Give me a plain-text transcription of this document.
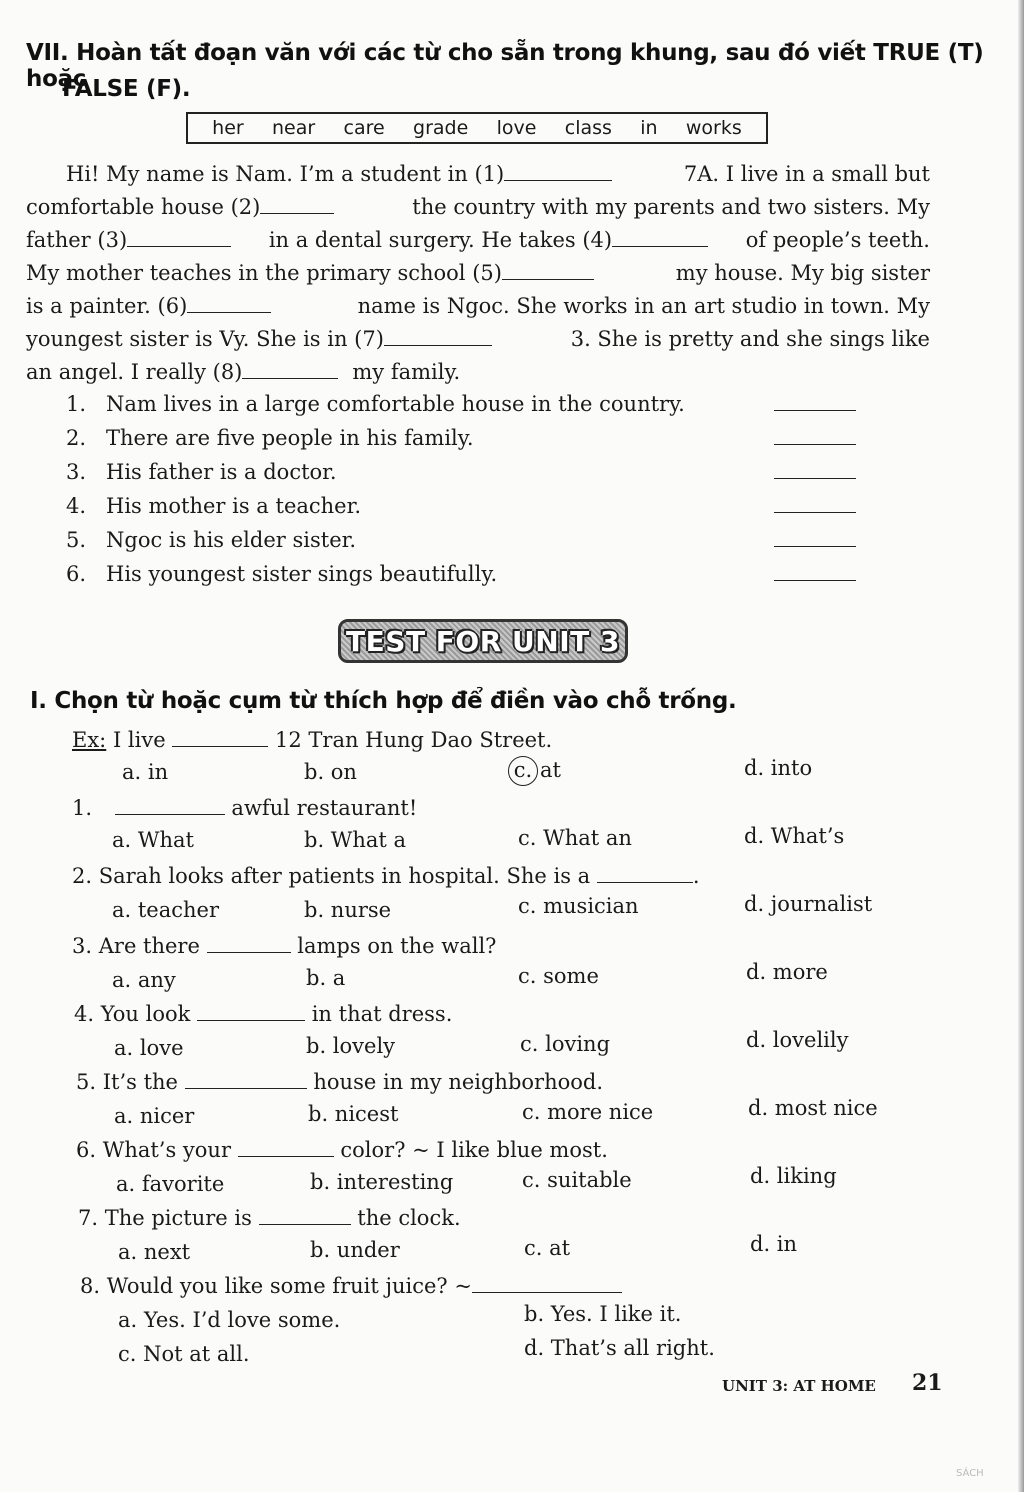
VII. Hoàn tất đoạn văn với các từ cho sẵn trong khung, sau đó viết TRUE (T) hoặc
FALSE (F).
her near care grade love class in works
Hi! My name is Nam. I’m a student in (1)	7A. I live in a small but
comfortable house (2)	the country with my parents and two sisters. My
father (3)	in a dental surgery. He takes (4)	of people’s teeth.
My mother teaches in the primary school (5)	my house. My big sister
is a painter. (6)	name is Ngoc. She works in an art studio in town. My
youngest sister is Vy. She is in (7)	3. She is pretty and she sings like
an angel. I really (8)	my family.
1. Nam lives in a large comfortable house in the country.
2. There are five people in his family.
3. His father is a doctor.
4. His mother is a teacher.
5. Ngoc is his elder sister.
6. His youngest sister sings beautifully.
TEST FOR UNIT 3
I. Chọn từ hoặc cụm từ thích hợp để điền vào chỗ trống.
Ex: I live	12 Tran Hung Dao Street.
a. in	b. on	c. at	d. into
1.	awful restaurant!
a. What	b. What a	c. What an	d. What’s
2. Sarah looks after patients in hospital. She is a	.
a. teacher	b. nurse	c. musician	d. journalist
3. Are there	lamps on the wall?
a. any	b. a	c. some	d. more
4. You look	in that dress.
a. love	b. lovely	c. loving	d. lovelily
5. It’s the	house in my neighborhood.
a. nicer	b. nicest	c. more nice	d. most nice
6. What’s your	color? ~ I like blue most.
a. favorite	b. interesting	c. suitable	d. liking
7. The picture is	the clock.
a. next	b. under	c. at	d. in
8. Would you like some fruit juice? ~
a. Yes. I’d love some.	b. Yes. I like it.
c. Not at all.	d. That’s all right.
UNIT 3: AT HOME 21
SÁCH
